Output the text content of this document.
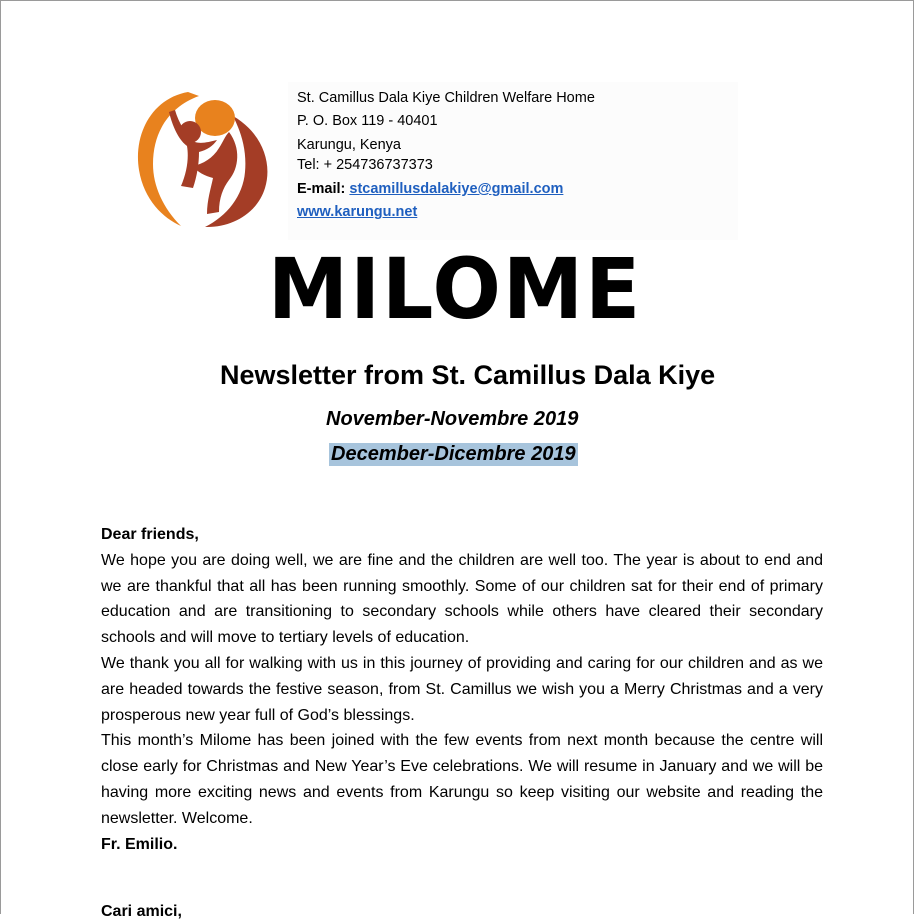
St. Camillus Dala Kiye Children Welfare Home
P. O. Box 119 - 40401
Karungu, Kenya
Tel: + 254736737373
E-mail: stcamillusdalakiye@gmail.com
www.karungu.net
MILOME
Newsletter from St. Camillus Dala Kiye
November-Novembre 2019
December-Dicembre 2019

Dear friends,

We hope you are doing well, we are fine and the children are well too. The year is about to end and we are thankful that all has been running smoothly. Some of our children sat for their end of primary education and are transitioning to secondary schools while others have cleared their secondary schools and will move to tertiary levels of education.

We thank you all for walking with us in this journey of providing and caring for our children and as we are headed towards the festive season, from St. Camillus we wish you a Merry Christmas and a very prosperous new year full of God’s blessings.

This month’s Milome has been joined with the few events from next month because the centre will close early for Christmas and New Year’s Eve celebrations. We will resume in January and we will be having more exciting news and events from Karungu so keep visiting our website and reading the newsletter. Welcome.

Fr. Emilio.

Cari amici,
